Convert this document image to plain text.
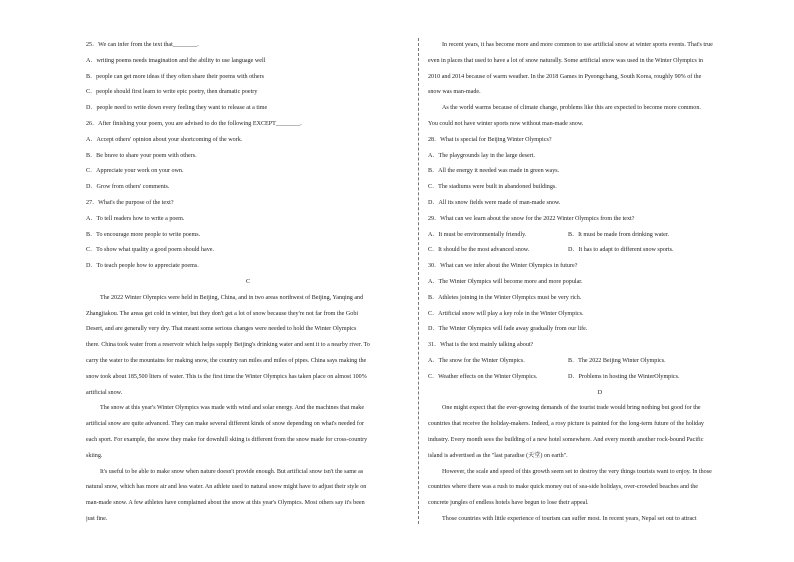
25．We can infer from the text that________.
A．writing poems needs imagination and the ability to use language well
B．people can get more ideas if they often share their poems with others
C．people should first learn to write epic poetry, then dramatic poetry
D．people need to write down every feeling they want to release at a time
26．After finishing your poem, you are advised to do the following EXCEPT________.
A．Accept others' opinion about your shortcoming of the work.
B．Be brave to share your poem with others.
C．Appreciate your work on your own.
D．Grow from others' comments.
27．What's the purpose of the text?
A．To tell readers how to write a poem.
B．To encourage more people to write poems.
C．To show what quality a good poem should have.
D．To teach people how to appreciate poems.
C
The 2022 Winter Olympics were held in Beijing, China, and in two areas northwest of Beijing, Yanqing and
Zhangjiakou. The areas get cold in winter, but they don't get a lot of snow because they're not far from the Gobi
Desert, and are generally very dry. That meant some serious changes were needed to hold the Winter Olympics
there. China took water from a reservoir which helps supply Beijing's drinking water and sent it to a nearby river. To
carry the water to the mountains for making snow, the country ran miles and miles of pipes. China says making the
snow took about 185,500 liters of water. This is the first time the Winter Olympics has taken place on almost 100%
artificial snow.
The snow at this year's Winter Olympics was made with wind and solar energy. And the machines that make
artificial snow are quite advanced. They can make several different kinds of snow depending on what's needed for
each sport. For example, the snow they make for downhill skiing is different from the snow made for cross-country
skiing.
It's useful to be able to make snow when nature doesn't provide enough. But artificial snow isn't the same as
natural snow, which has more air and less water. An athlete used to natural snow might have to adjust their style on
man-made snow. A few athletes have complained about the snow at this year's Olympics. Most others say it's been
just fine.
In recent years, it has become more and more common to use artificial snow at winter sports events. That's true
even in places that used to have a lot of snow naturally. Some artificial snow was used in the Winter Olympics in
2010 and 2014 because of warm weather. In the 2018 Games in Pyeongchang, South Korea, roughly 90% of the
snow was man-made.
As the world warms because of climate change, problems like this are expected to become more common.
You could not have winter sports now without man-made snow.
28．What is special for Beijing Winter Olympics?
A．The playgrounds lay in the large desert.
B．All the energy it needed was made in green ways.
C．The stadiums were built in abandoned buildings.
D．All its snow fields were made of man-made snow.
29．What can we learn about the snow for the 2022 Winter Olympics from the text?
A．It must be environmentally friendly.	B．It must be made from drinking water.
C．It should be the most advanced snow.	D．It has to adapt to different snow sports.
30．What can we infer about the Winter Olympics in future?
A．The Winter Olympics will become more and more popular.
B．Athletes joining in the Winter Olympics must be very rich.
C．Artificial snow will play a key role in the Winter Olympics.
D．The Winter Olympics will fade away gradually from our life.
31．What is the text mainly talking about?
A．The snow for the Winter Olympics.	B．The 2022 Beijing Winter Olympics.
C．Weather effects on the Winter Olympics.	D．Problems in hosting the WinterOlympics.
D
One might expect that the ever-growing demands of the tourist trade would bring nothing but good for the
countries that receive the holiday-makers. Indeed, a rosy picture is painted for the long-term future of the holiday
industry. Every month sees the building of a new hotel somewhere. And every month another rock-bound Pacific
island is advertised as the "last paradise (天堂) on earth".
However, the scale and speed of this growth seem set to destroy the very things tourists want to enjoy. In those
countries where there was a rush to make quick money out of sea-side holidays, over-crowded beaches and the
concrete jungles of endless hotels have begun to lose their appeal.
Those countries with little experience of tourism can suffer most. In recent years, Nepal set out to attract
